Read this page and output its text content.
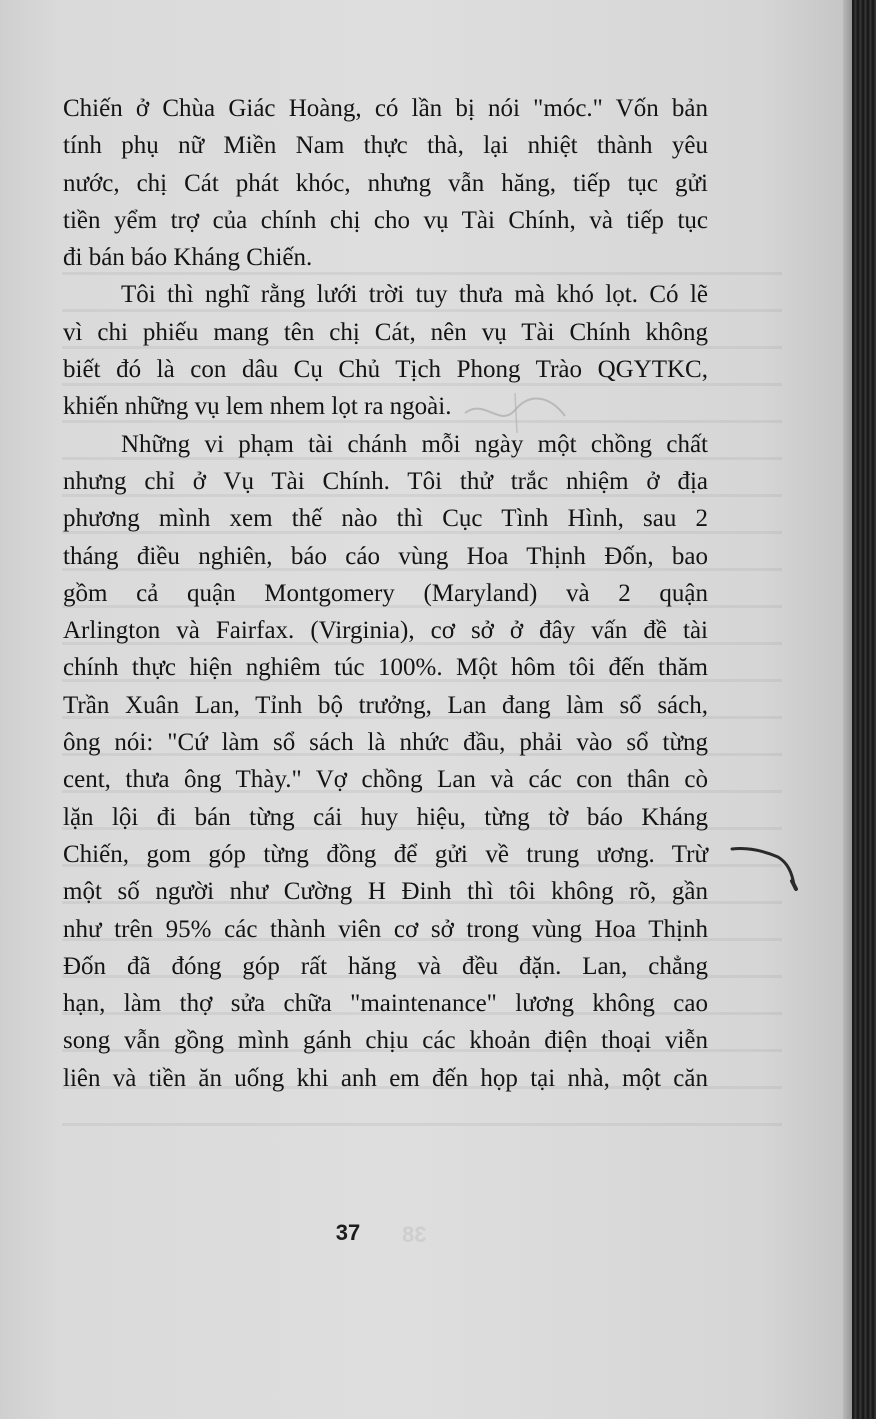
Chiến ở Chùa Giác Hoàng, có lần bị nói "móc." Vốn bản
tính phụ nữ Miền Nam thực thà, lại nhiệt thành yêu
nước, chị Cát phát khóc, nhưng vẫn hăng, tiếp tục gửi
tiền yểm trợ của chính chị cho vụ Tài Chính, và tiếp tục
đi bán báo Kháng Chiến.

Tôi thì nghĩ rằng lưới trời tuy thưa mà khó lọt. Có lẽ
vì chi phiếu mang tên chị Cát, nên vụ Tài Chính không
biết đó là con dâu Cụ Chủ Tịch Phong Trào QGYTKC,
khiến những vụ lem nhem lọt ra ngoài.

Những vi phạm tài chánh mỗi ngày một chồng chất
nhưng chỉ ở Vụ Tài Chính. Tôi thử trắc nhiệm ở địa
phương mình xem thế nào thì Cục Tình Hình, sau 2
tháng điều nghiên, báo cáo vùng Hoa Thịnh Đốn, bao
gồm cả quận Montgomery (Maryland) và 2 quận
Arlington và Fairfax. (Virginia), cơ sở ở đây vấn đề tài
chính thực hiện nghiêm túc 100%. Một hôm tôi đến thăm
Trần Xuân Lan, Tỉnh bộ trưởng, Lan đang làm sổ sách,
ông nói: "Cứ làm sổ sách là nhức đầu, phải vào sổ từng
cent, thưa ông Thày." Vợ chồng Lan và các con thân cò
lặn lội đi bán từng cái huy hiệu, từng tờ báo Kháng
Chiến, gom góp từng đồng để gửi về trung ương. Trừ
một số người như Cường H Đinh thì tôi không rõ, gần
như trên 95% các thành viên cơ sở trong vùng Hoa Thịnh
Đốn đã đóng góp rất hăng và đều đặn. Lan, chẳng
hạn, làm thợ sửa chữa "maintenance" lương không cao
song vẫn gồng mình gánh chịu các khoản điện thoại viễn
liên và tiền ăn uống khi anh em đến họp tại nhà, một căn

37	38
